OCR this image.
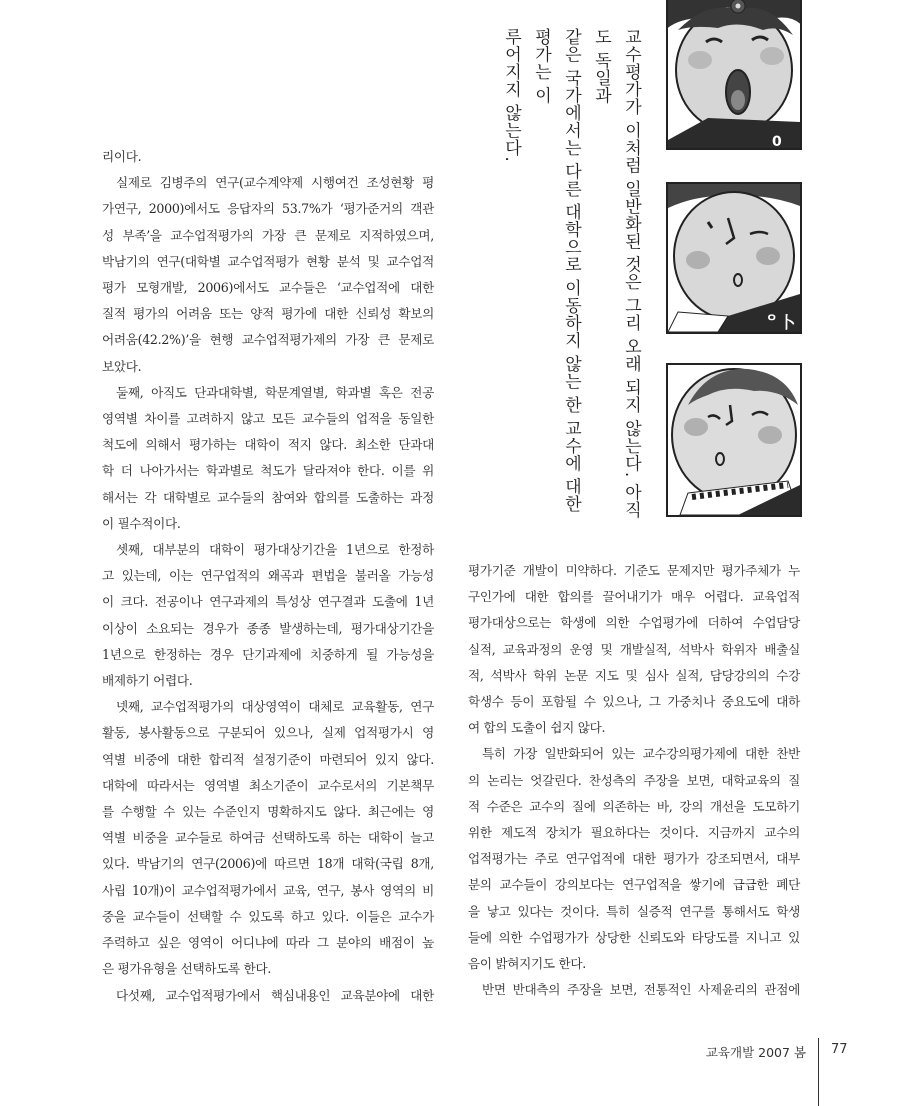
리이다.

실제로 김병주의 연구(교수계약제 시행여건 조성현황 평

가연구, 2000)에서도 응답자의 53.7%가 ‘평가준거의 객관

성 부족’을 교수업적평가의 가장 큰 문제로 지적하였으며,

박남기의 연구(대학별 교수업적평가 현황 분석 및 교수업적

평가 모형개발, 2006)에서도 교수들은 ‘교수업적에 대한

질적 평가의 어려움 또는 양적 평가에 대한 신뢰성 확보의

어려움(42.2%)’을 현행 교수업적평가제의 가장 큰 문제로

보았다.

둘째, 아직도 단과대학별, 학문계열별, 학과별 혹은 전공

영역별 차이를 고려하지 않고 모든 교수들의 업적을 동일한

척도에 의해서 평가하는 대학이 적지 않다. 최소한 단과대

학 더 나아가서는 학과별로 척도가 달라져야 한다. 이를 위

해서는 각 대학별로 교수들의 참여와 합의를 도출하는 과정

이 필수적이다.

셋째, 대부분의 대학이 평가대상기간을 1년으로 한정하

고 있는데, 이는 연구업적의 왜곡과 편법을 불러올 가능성

이 크다. 전공이나 연구과제의 특성상 연구결과 도출에 1년

이상이 소요되는 경우가 종종 발생하는데, 평가대상기간을

1년으로 한정하는 경우 단기과제에 치중하게 될 가능성을

배제하기 어렵다.

넷째, 교수업적평가의 대상영역이 대체로 교육활동, 연구

활동, 봉사활동으로 구분되어 있으나, 실제 업적평가시 영

역별 비중에 대한 합리적 설정기준이 마련되어 있지 않다.

대학에 따라서는 영역별 최소기준이 교수로서의 기본책무

를 수행할 수 있는 수준인지 명확하지도 않다. 최근에는 영

역별 비중을 교수들로 하여금 선택하도록 하는 대학이 늘고

있다. 박남기의 연구(2006)에 따르면 18개 대학(국립 8개,

사립 10개)이 교수업적평가에서 교육, 연구, 봉사 영역의 비

중을 교수들이 선택할 수 있도록 하고 있다. 이들은 교수가

주력하고 싶은 영역이 어디냐에 따라 그 분야의 배점이 높

은 평가유형을 선택하도록 한다.

다섯째, 교수업적평가에서 핵심내용인 교육분야에 대한

평가기준 개발이 미약하다. 기준도 문제지만 평가주체가 누

구인가에 대한 합의를 끌어내기가 매우 어렵다. 교육업적

평가대상으로는 학생에 의한 수업평가에 더하여 수업담당

실적, 교육과정의 운영 및 개발실적, 석박사 학위자 배출실

적, 석박사 학위 논문 지도 및 심사 실적, 담당강의의 수강

학생수 등이 포함될 수 있으나, 그 가중치나 중요도에 대하

여 합의 도출이 쉽지 않다.

특히 가장 일반화되어 있는 교수강의평가제에 대한 찬반

의 논리는 엇갈린다. 찬성측의 주장을 보면, 대학교육의 질

적 수준은 교수의 질에 의존하는 바, 강의 개선을 도모하기

위한 제도적 장치가 필요하다는 것이다. 지금까지 교수의

업적평가는 주로 연구업적에 대한 평가가 강조되면서, 대부

분의 교수들이 강의보다는 연구업적을 쌓기에 급급한 폐단

을 낳고 있다는 것이다. 특히 실증적 연구를 통해서도 학생

들에 의한 수업평가가 상당한 신뢰도와 타당도를 지니고 있

음이 밝혀지기도 한다.

반면 반대측의 주장을 보면, 전통적인 사제윤리의 관점에

교수평가가 이처럼 일반화된 것은 그리 오래 되지 않는다. 아직도 독일과
같은 국가에서는 다른 대학으로 이동하지 않는 한 교수에 대한 평가는 이
루어지지 않는다.	0
ᄋ卜
교육개발 2007 봄 77
